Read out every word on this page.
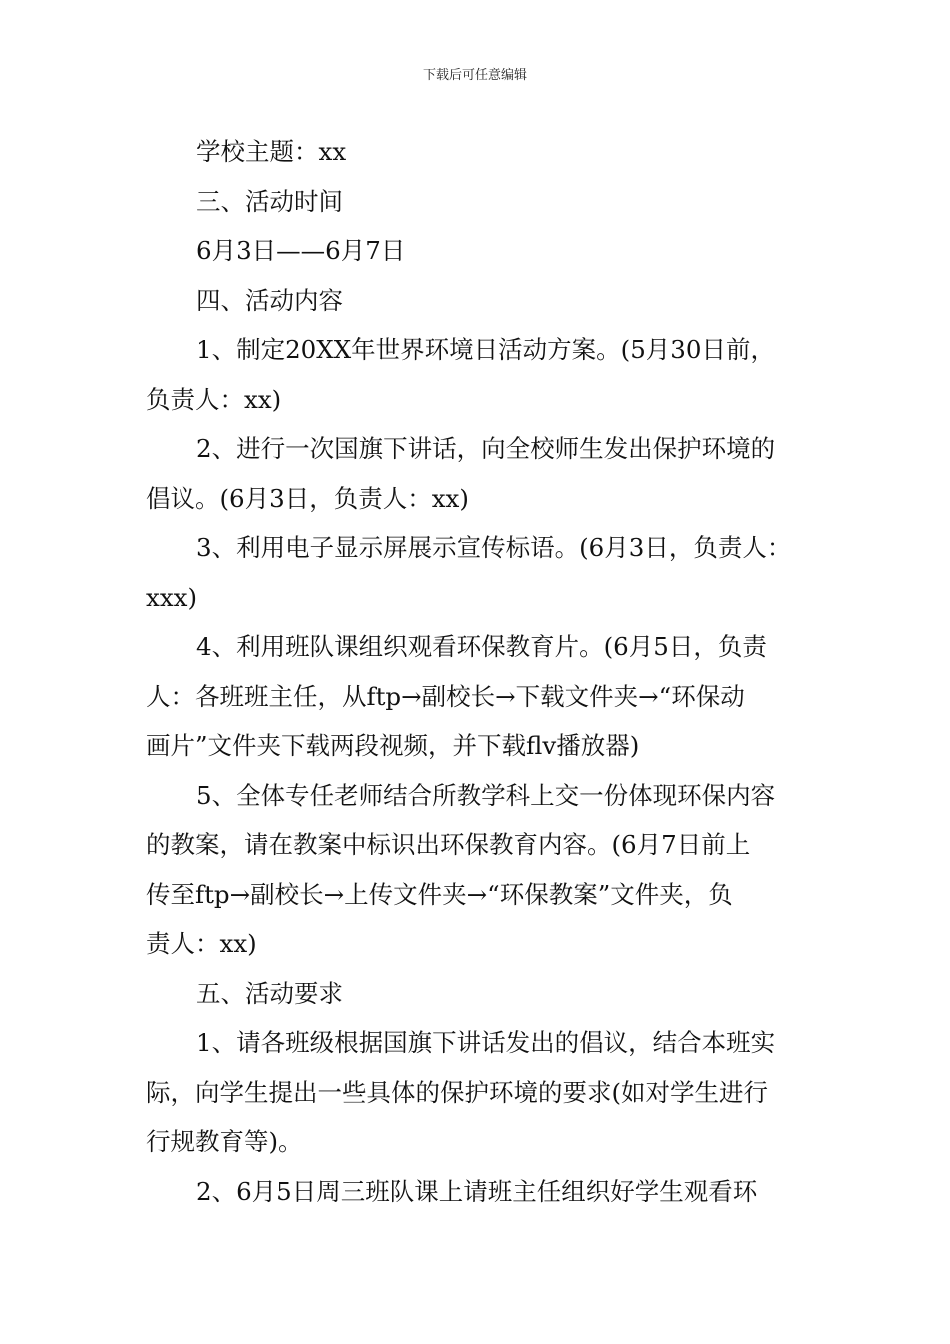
下载后可任意编辑

学校主题：xx

三、活动时间

6月3日——6月7日

四、活动内容

1、制定20XX年世界环境日活动方案。(5月30日前，
负责人：xx)

2、进行一次国旗下讲话，向全校师生发出保护环境的
倡议。(6月3日，负责人：xx)

3、利用电子显示屏展示宣传标语。(6月3日，负责人：
xxx)

4、利用班队课组织观看环保教育片。(6月5日，负责
人：各班班主任，从ftp→副校长→下载文件夹→“环保动
画片”文件夹下载两段视频，并下载flv播放器)

5、全体专任老师结合所教学科上交一份体现环保内容
的教案，请在教案中标识出环保教育内容。(6月7日前上
传至ftp→副校长→上传文件夹→“环保教案”文件夹，负
责人：xx)

五、活动要求

1、请各班级根据国旗下讲话发出的倡议，结合本班实
际，向学生提出一些具体的保护环境的要求(如对学生进行
行规教育等)。

2、6月5日周三班队课上请班主任组织好学生观看环
